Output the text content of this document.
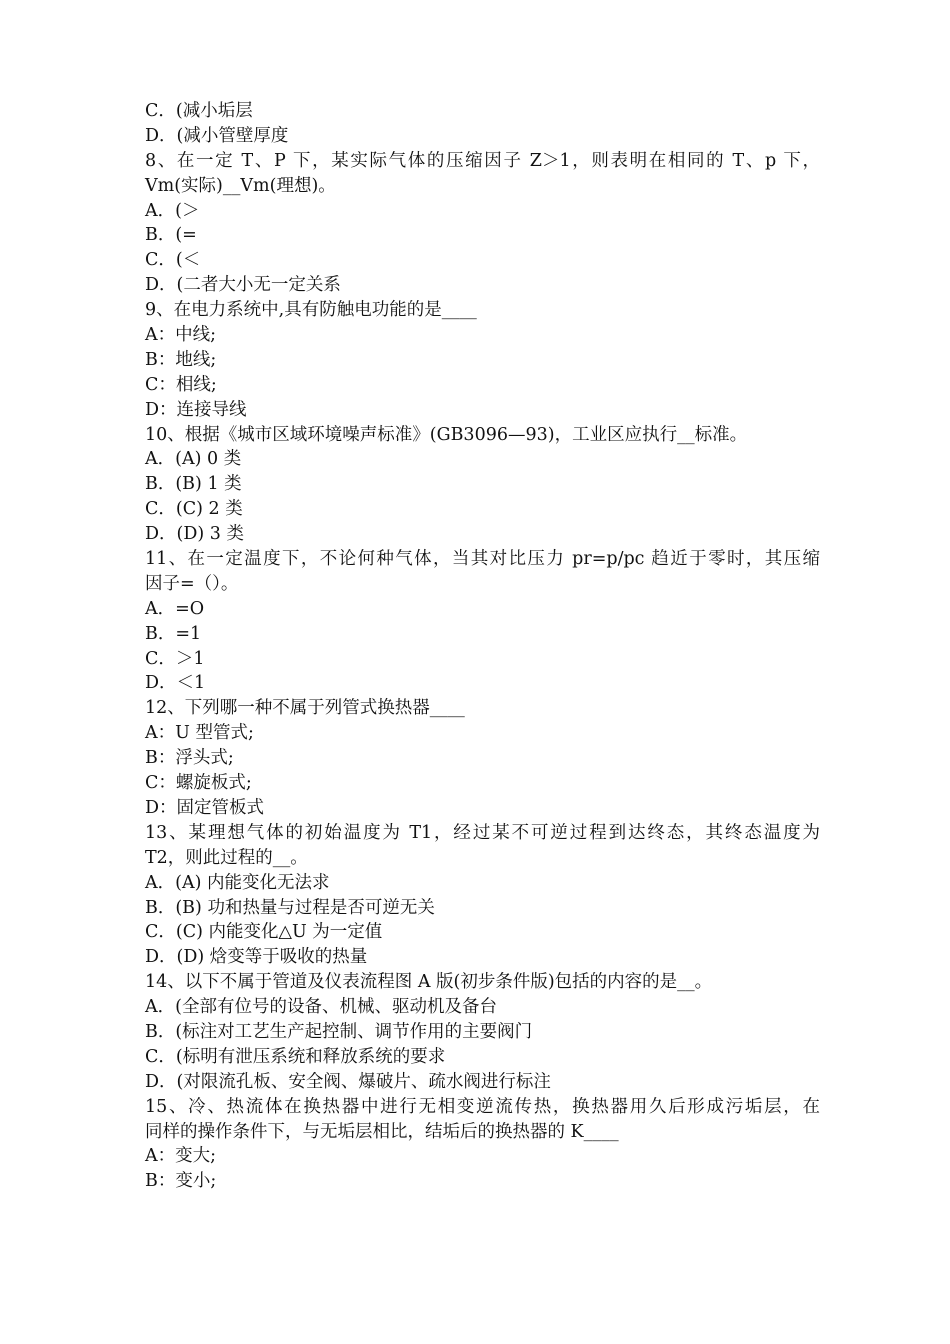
C．(减小垢层
D．(减小管壁厚度
8、在一定 T、P 下，某实际气体的压缩因子 Z＞1，则表明在相同的 T、p 下，
Vm(实际)__Vm(理想)。
A．(＞
B．(=
C．(＜
D．(二者大小无一定关系
9、在电力系统中,具有防触电功能的是____
A：中线;
B：地线;
C：相线;
D：连接导线
10、根据《城市区域环境噪声标准》(GB3096—93)，工业区应执行__标准。
A．(A) 0 类
B．(B) 1 类
C．(C) 2 类
D．(D) 3 类
11、在一定温度下，不论何种气体，当其对比压力 pr=p/pc 趋近于零时，其压缩
因子=（）。
A．=O
B．=1
C．＞1
D．＜1
12、下列哪一种不属于列管式换热器____
A：U 型管式;
B：浮头式;
C：螺旋板式;
D：固定管板式
13、某理想气体的初始温度为 T1，经过某不可逆过程到达终态，其终态温度为
T2，则此过程的__。
A．(A) 内能变化无法求
B．(B) 功和热量与过程是否可逆无关
C．(C) 内能变化△U 为一定值
D．(D) 焓变等于吸收的热量
14、以下不属于管道及仪表流程图 A 版(初步条件版)包括的内容的是__。
A．(全部有位号的设备、机械、驱动机及备台
B．(标注对工艺生产起控制、调节作用的主要阀门
C．(标明有泄压系统和释放系统的要求
D．(对限流孔板、安全阀、爆破片、疏水阀进行标注
15、冷、热流体在换热器中进行无相变逆流传热，换热器用久后形成污垢层，在
同样的操作条件下，与无垢层相比，结垢后的换热器的 K____
A：变大;
B：变小;
